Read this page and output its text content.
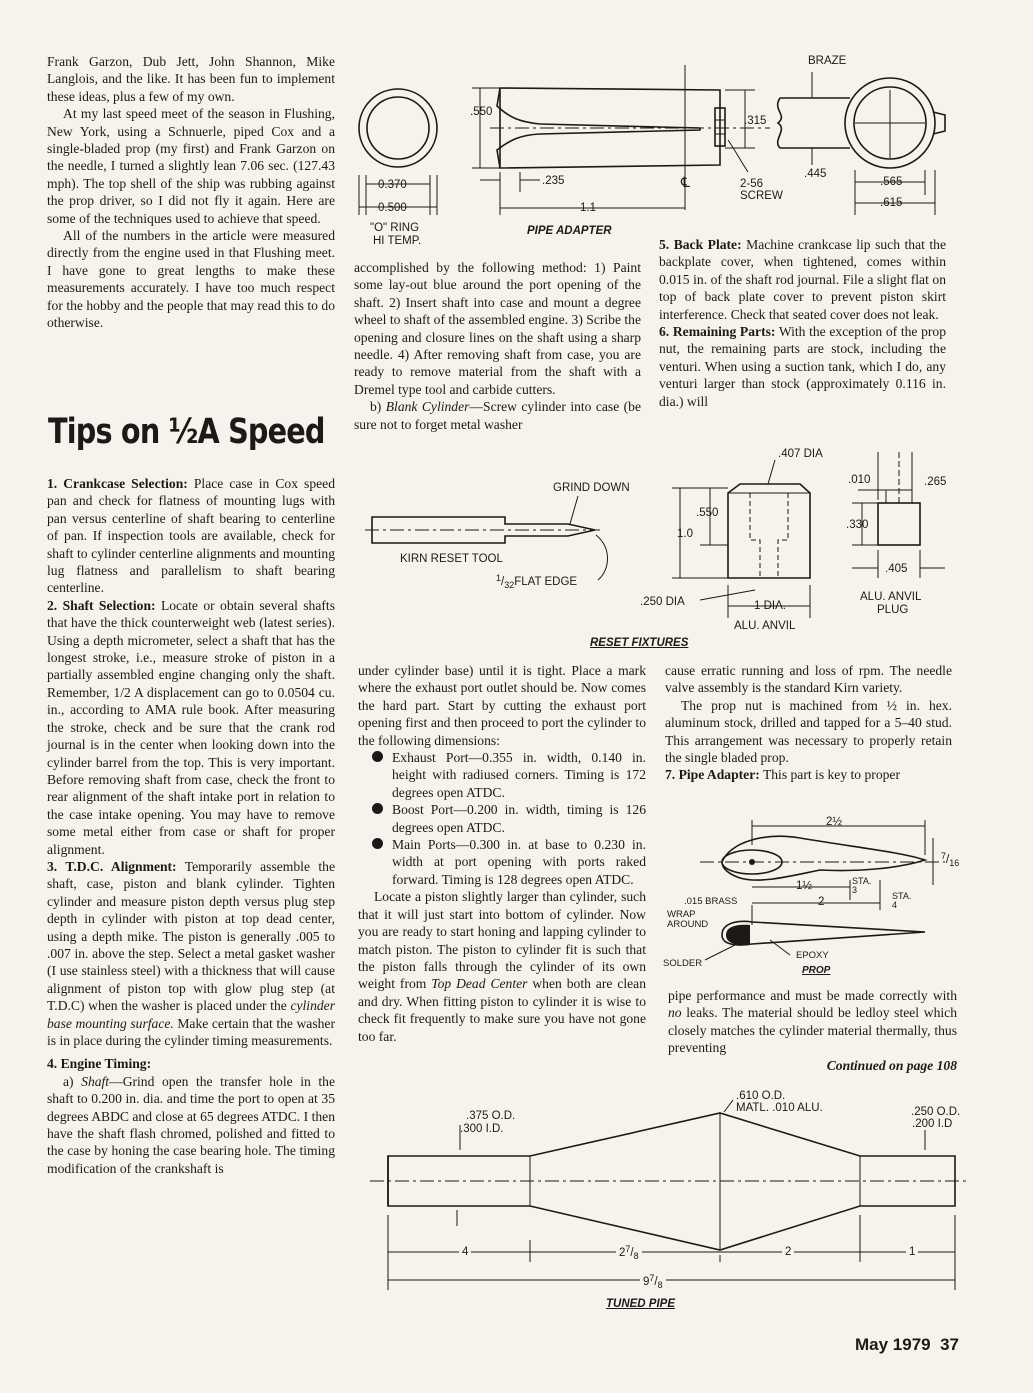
Frank Garzon, Dub Jett, John Shannon, Mike Langlois, and the like. It has been fun to implement these ideas, plus a few of my own.

At my last speed meet of the season in Flushing, New York, using a Schnuerle, piped Cox and a single-bladed prop (my first) and Frank Garzon on the needle, I turned a slightly lean 7.06 sec. (127.43 mph). The top shell of the ship was rubbing against the prop driver, so I did not fly it again. Here are some of the techniques used to achieve that speed.

All of the numbers in the article were measured directly from the engine used in that Flushing meet. I have gone to great lengths to make these measurements accurately. I have too much respect for the hobby and the people that may read this to do otherwise.

Tips on ½A Speed

1. Crankcase Selection: Place case in Cox speed pan and check for flatness of mounting lugs with pan versus centerline of shaft bearing to centerline of pan. If inspection tools are available, check for shaft to cylinder centerline alignments and mounting lug flatness and parallelism to shaft bearing centerline.

2. Shaft Selection: Locate or obtain several shafts that have the thick counterweight web (latest series). Using a depth micrometer, select a shaft that has the longest stroke, i.e., measure stroke of piston in a partially assembled engine changing only the shaft. Remember, 1/2 A displacement can go to 0.0504 cu. in., according to AMA rule book. After measuring the stroke, check and be sure that the crank rod journal is in the center when looking down into the cylinder barrel from the top. This is very important. Before removing shaft from case, check the front to rear alignment of the shaft intake port in relation to the case intake opening. You may have to remove some metal either from case or shaft for proper alignment.

3. T.D.C. Alignment: Temporarily assemble the shaft, case, piston and blank cylinder. Tighten cylinder and measure piston depth versus plug step depth in cylinder with piston at top dead center, using a depth mike. The piston is generally .005 to .007 in. above the step. Select a metal gasket washer (I use stainless steel) with a thickness that will cause alignment of piston top with glow plug step (at T.D.C) when the washer is placed under the cylinder base mounting surface. Make certain that the washer is in place during the cylinder timing measurements.

4. Engine Timing:

a) Shaft—Grind open the transfer hole in the shaft to 0.200 in. dia. and time the port to open at 35 degrees ABDC and close at 65 degrees ATDC. I then have the shaft flash chromed, polished and fitted to the case by honing the case bearing hole. The timing modification of the crankshaft is

accomplished by the following method: 1) Paint some lay-out blue around the port opening of the shaft. 2) Insert shaft into case and mount a degree wheel to shaft of the assembled engine. 3) Scribe the opening and closure lines on the shaft using a sharp needle. 4) After removing shaft from case, you are ready to remove material from the shaft with a Dremel type tool and carbide cutters.

b) Blank Cylinder—Screw cylinder into case (be sure not to forget metal washer

under cylinder base) until it is tight. Place a mark where the exhaust port outlet should be. Now comes the hard part. Start by cutting the exhaust port opening first and then proceed to port the cylinder to the following dimensions:

Exhaust Port—0.355 in. width, 0.140 in. height with radiused corners. Timing is 172 degrees open ATDC.

Boost Port—0.200 in. width, timing is 126 degrees open ATDC.

Main Ports—0.300 in. at base to 0.230 in. width at port opening with ports raked forward. Timing is 128 degrees open ATDC.

Locate a piston slightly larger than cylinder, such that it will just start into bottom of cylinder. Now you are ready to start honing and lapping cylinder to match piston. The piston to cylinder fit is such that the piston falls through the cylinder of its own weight from Top Dead Center when both are clean and dry. When fitting piston to cylinder it is wise to check fit frequently to make sure you have not gone too far.

5. Back Plate: Machine crankcase lip such that the backplate cover, when tightened, comes within 0.015 in. of the shaft rod journal. File a slight flat on top of back plate cover to prevent piston skirt interference. Check that seated cover does not leak.

6. Remaining Parts: With the exception of the prop nut, the remaining parts are stock, including the venturi. When using a suction tank, which I do, any venturi larger than stock (approximately 0.116 in. dia.) will

cause erratic running and loss of rpm. The needle valve assembly is the standard Kirn variety.

The prop nut is machined from ½ in. hex. aluminum stock, drilled and tapped for a 5–40 stud. This arrangement was necessary to properly retain the single bladed prop.

7. Pipe Adapter: This part is key to proper

pipe performance and must be made correctly with no leaks. The material should be ledloy steel which closely matches the cylinder material thermally, thus preventing

Continued on page 108

.550
0.370
0.500
"O" RING
HI TEMP.
.235
1.1
℄
.315
2-56
SCREW
BRAZE
.445
.565
.615
PIPE ADAPTER
GRIND DOWN
KIRN RESET TOOL
$^1/_{32}FLAT$ EDGE
.407 DIA
.550
1.0
.250 DIA	1 DIA.
ALU. ANVIL
.010	.265
.330
.405
ALU. ANVIL
PLUG
RESET FIXTURES
2½
$^7/_{16}$
1½
2
STA.
3
STA.
4
.015 BRASS
WRAP
AROUND
SOLDER
EPOXY
PROP
.375 O.D.
.300 I.D.
.610 O.D.
MATL. .010 ALU.	.250 O.D.
.200 I.D
4	$2^7/_8$	2	1
$9^7/_8$
TUNED PIPE
May 1979 37
